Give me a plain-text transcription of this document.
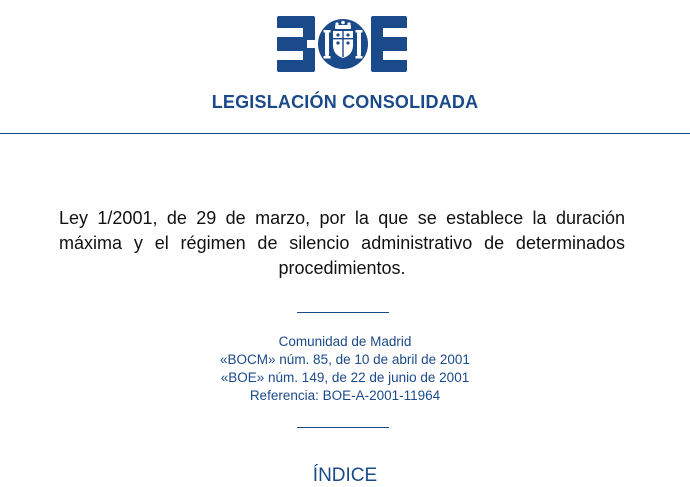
LEGISLACIÓN CONSOLIDADA
Ley 1/2001, de 29 de marzo, por la que se establece la duración máxima y el régimen de silencio administrativo de determinados procedimientos.
Comunidad de Madrid
«BOCM» núm. 85, de 10 de abril de 2001
«BOE» núm. 149, de 22 de junio de 2001
Referencia: BOE-A-2001-11964
ÍNDICE
